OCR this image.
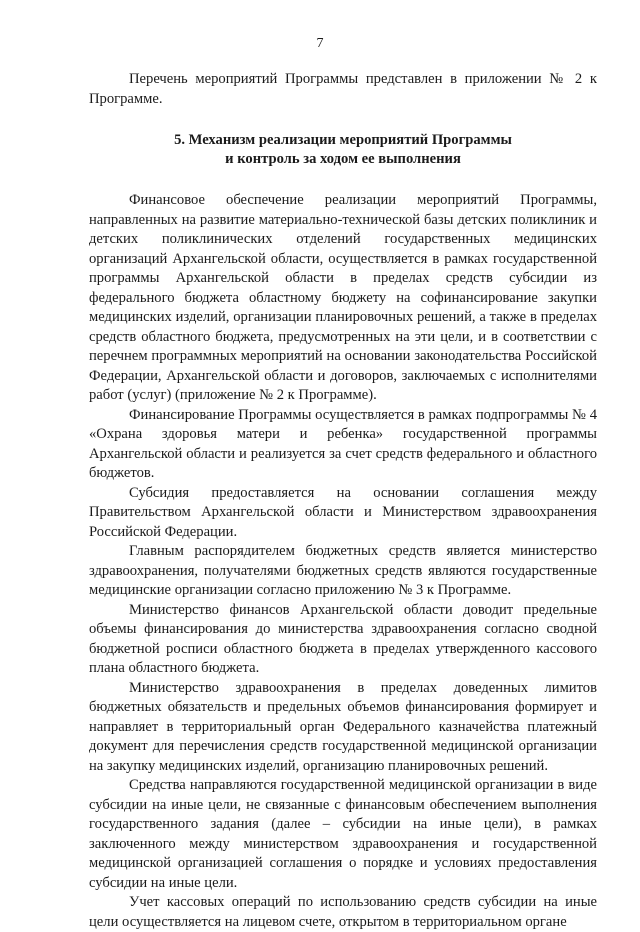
7

Перечень мероприятий Программы представлен в приложении № 2 к Программе.

5. Механизм реализации мероприятий Программы
и контроль за ходом ее выполнения

Финансовое обеспечение реализации мероприятий Программы, направленных на развитие материально-технической базы детских поликлиник и детских поликлинических отделений государственных медицинских организаций Архангельской области, осуществляется в рамках государственной программы Архангельской области в пределах средств субсидии из федерального бюджета областному бюджету на софинансирование закупки медицинских изделий, организации планировочных решений, а также в пределах средств областного бюджета, предусмотренных на эти цели, и в соответствии с перечнем программных мероприятий на основании законодательства Российской Федерации, Архангельской области и договоров, заключаемых с исполнителями работ (услуг) (приложение № 2 к Программе).

Финансирование Программы осуществляется в рамках подпрограммы № 4 «Охрана здоровья матери и ребенка» государственной программы Архангельской области и реализуется за счет средств федерального и областного бюджетов.

Субсидия предоставляется на основании соглашения между Правительством Архангельской области и Министерством здравоохранения Российской Федерации.

Главным распорядителем бюджетных средств является министерство здравоохранения, получателями бюджетных средств являются государственные медицинские организации согласно приложению № 3 к Программе.

Министерство финансов Архангельской области доводит предельные объемы финансирования до министерства здравоохранения согласно сводной бюджетной росписи областного бюджета в пределах утвержденного кассового плана областного бюджета.

Министерство здравоохранения в пределах доведенных лимитов бюджетных обязательств и предельных объемов финансирования формирует и направляет в территориальный орган Федерального казначейства платежный документ для перечисления средств государственной медицинской организации на закупку медицинских изделий, организацию планировочных решений.

Средства направляются государственной медицинской организации в виде субсидии на иные цели, не связанные с финансовым обеспечением выполнения государственного задания (далее – субсидии на иные цели), в рамках заключенного между министерством здравоохранения и государственной медицинской организацией соглашения о порядке и условиях предоставления субсидии на иные цели.

Учет кассовых операций по использованию средств субсидии на иные цели осуществляется на лицевом счете, открытом в территориальном органе
